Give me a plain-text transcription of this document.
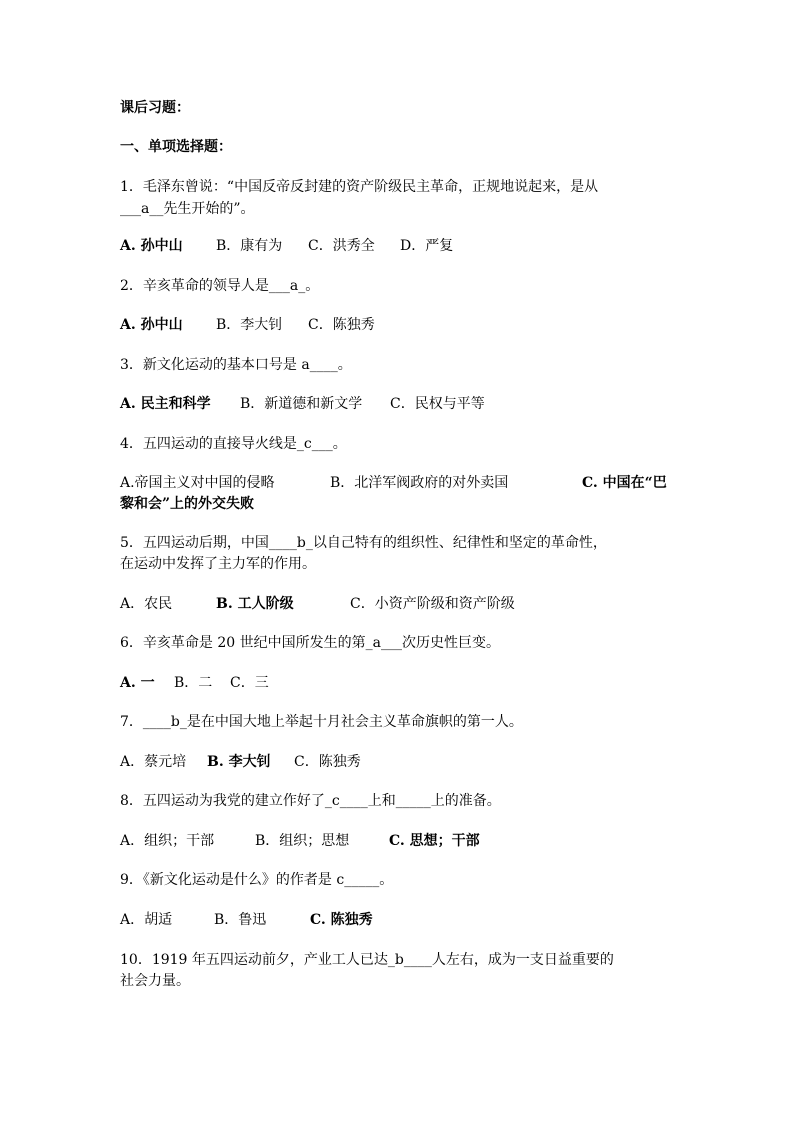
课后习题：
一、单项选择题：
1．毛泽东曾说：“中国反帝反封建的资产阶级民主革命，正规地说起来，是从
___a__先生开始的”。
A. 孙中山 B．康有为 C．洪秀全 D．严复
2．辛亥革命的领导人是___a_。
A. 孙中山 B．李大钊 C．陈独秀
3．新文化运动的基本口号是 a____。
A. 民主和科学 B．新道德和新文学 C．民权与平等
4．五四运动的直接导火线是_c___。
A.帝国主义对中国的侵略	B．北洋军阀政府的对外卖国	C. 中国在“巴
黎和会”上的外交失败
5．五四运动后期，中国____b_以自己特有的组织性、纪律性和坚定的革命性，
在运动中发挥了主力军的作用。
A．农民	B. 工人阶级	C．小资产阶级和资产阶级
6．辛亥革命是 20 世纪中国所发生的第_a___次历史性巨变。
A. 一 B．二 C．三
7．____b_是在中国大地上举起十月社会主义革命旗帜的第一人。
A．蔡元培 B. 李大钊 C．陈独秀
8．五四运动为我党的建立作好了_c____上和_____上的准备。
A．组织；干部	B．组织；思想	C. 思想；干部
9．《新文化运动是什么》的作者是 c_____。
A．胡适	B．鲁迅	C. 陈独秀
10．1919 年五四运动前夕，产业工人已达_b____人左右，成为一支日益重要的
社会力量。
